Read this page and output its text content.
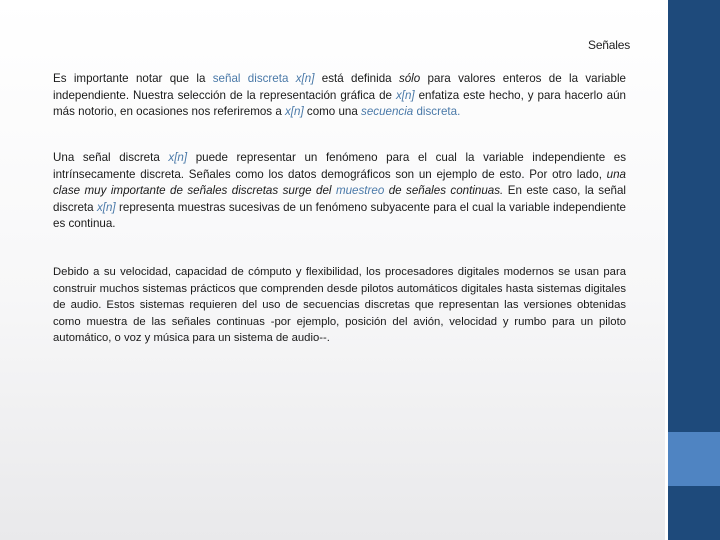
Señales

Es importante notar que la señal discreta x[n] está definida sólo para valores enteros de la variable independiente. Nuestra selección de la representación gráfica de x[n] enfatiza este hecho, y para hacerlo aún más notorio, en ocasiones nos referiremos a x[n] como una secuencia discreta.

Una señal discreta x[n] puede representar un fenómeno para el cual la variable independiente es intrínsecamente discreta. Señales como los datos demográficos son un ejemplo de esto. Por otro lado, una clase muy importante de señales discretas surge del muestreo de señales continuas. En este caso, la señal discreta x[n] representa muestras sucesivas de un fenómeno subyacente para el cual la variable independiente es continua.

Debido a su velocidad, capacidad de cómputo y flexibilidad, los procesadores digitales modernos se usan para construir muchos sistemas prácticos que comprenden desde pilotos automáticos digitales hasta sistemas digitales de audio. Estos sistemas requieren del uso de secuencias discretas que representan las versiones obtenidas como muestra de las señales continuas -por ejemplo, posición del avión, velocidad y rumbo para un piloto automático, o voz y música para un sistema de audio--.
